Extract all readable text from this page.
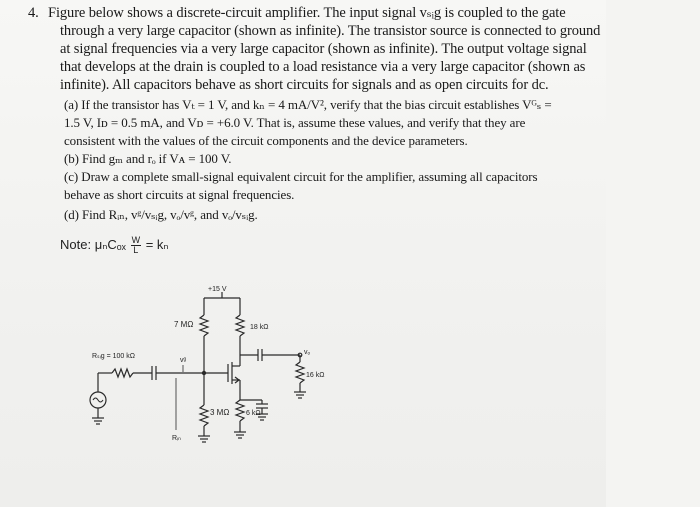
4. Figure below shows a discrete-circuit amplifier. The input signal vₛᵢg is coupled to the gate
through a very large capacitor (shown as infinite). The transistor source is connected to ground
at signal frequencies via a very large capacitor (shown as infinite). The output voltage signal
that develops at the drain is coupled to a load resistance via a very large capacitor (shown as
infinite). All capacitors behave as short circuits for signals and as open circuits for dc.
(a) If the transistor has Vₜ = 1 V, and kₙ = 4 mA/V², verify that the bias circuit establishes Vᴳₛ =
1.5 V, Iᴅ = 0.5 mA, and Vᴅ = +6.0 V. That is, assume these values, and verify that they are
consistent with the values of the circuit components and the device parameters.
(b) Find gₘ and rₒ if Vᴀ = 100 V.
(c) Draw a complete small-signal equivalent circuit for the amplifier, assuming all capacitors
behave as short circuits at signal frequencies.
(d) Find Rᵢₙ, vᵍ/vₛᵢg, vₒ/vᵍ, and vₒ/vₛᵢg.
Note: μₙCₒₓ $\frac{W}{L} = k_n$
+15 V
7 MΩ
3 MΩ
18 kΩ
vₒ
16 kΩ
6 kΩ
Rₛᵢg = 100 kΩ
vᵍ
Rᵢₙ
